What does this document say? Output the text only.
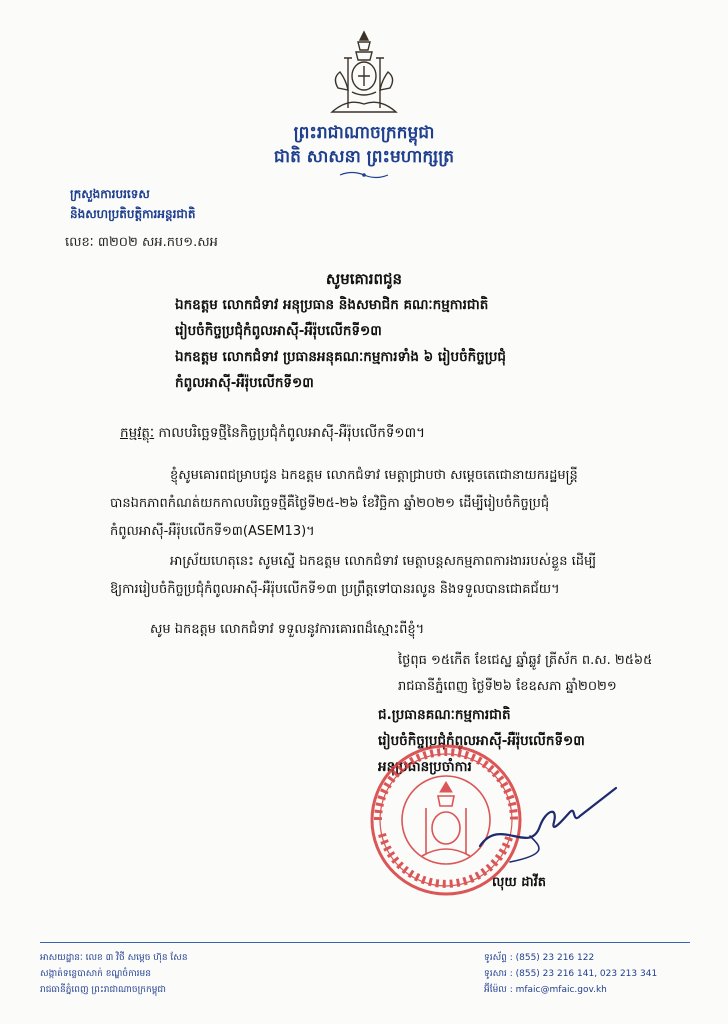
ព្រះរាជាណាចក្រកម្ពុជា
ជាតិ សាសនា ព្រះមហាក្សត្រ
ក្រសួងការបរទេស
និងសហប្រតិបត្តិការអន្តរជាតិ
លេខៈ ៣២០២ សអ.កប១.សអ
សូមគោរពជូន
ឯកឧត្តម លោកជំទាវ អនុប្រធាន និងសមាជិក គណៈកម្មការជាតិ
រៀបចំកិច្ចប្រជុំកំពូលអាស៊ី-អឺរ៉ុបលើកទី១៣
ឯកឧត្តម លោកជំទាវ ប្រធានអនុគណៈកម្មការទាំង ៦ រៀបចំកិច្ចប្រជុំ
កំពូលអាស៊ី-អឺរ៉ុបលើកទី១៣
កម្មវត្ថុៈ កាលបរិច្ឆេទថ្មីនៃកិច្ចប្រជុំកំពូលអាស៊ី-អឺរ៉ុបលើកទី១៣។
ខ្ញុំសូមគោរពជម្រាបជូន ឯកឧត្តម លោកជំទាវ មេត្តាជ្រាបថា សម្ដេចតេជោនាយករដ្ឋមន្ត្រី
បានឯកភាពកំណត់យកកាលបរិច្ឆេទថ្មីគឺថ្ងៃទី២៥-២៦ ខែវិច្ឆិកា ឆ្នាំ២០២១ ដើម្បីរៀបចំកិច្ចប្រជុំ
កំពូលអាស៊ី-អឺរ៉ុបលើកទី១៣(ASEM13)។
អាស្រ័យហេតុនេះ សូមស្នើ ឯកឧត្តម លោកជំទាវ មេត្តាបន្តសកម្មភាពការងាររបស់ខ្លួន ដើម្បី
ឱ្យការរៀបចំកិច្ចប្រជុំកំពូលអាស៊ី-អឺរ៉ុបលើកទី១៣ ប្រព្រឹត្តទៅបានរលូន និងទទួលបានជោគជ័យ។
សូម ឯកឧត្តម លោកជំទាវ ទទួលនូវការគោរពដ៏ស្មោះពីខ្ញុំ។
ថ្ងៃពុធ ១៥កើត ខែជេស្ឋ ឆ្នាំឆ្លូវ ត្រីស័ក ព.ស. ២៥៦៥
រាជធានីភ្នំពេញ ថ្ងៃទី២៦ ខែឧសភា ឆ្នាំ២០២១
ជ.ប្រធានគណៈកម្មការជាតិ
រៀបចំកិច្ចប្រជុំកំពូលអាស៊ី-អឺរ៉ុបលើកទី១៣
អនុប្រធានប្រចាំការ
លុយ ដាវីត
អាសយដ្ឋានៈ លេខ ៣ វិថី សម្ដេច ហ៊ុន សែន
សង្កាត់ទន្លេបាសាក់ ខណ្ឌចំការមន
រាជធានីភ្នំពេញ ព្រះរាជាណាចក្រកម្ពុជា
ទូរស័ព្ទ : (855) 23 216 122
ទូរសារ : (855) 23 216 141, 023 213 341
អ៊ីម៉ែល : mfaic@mfaic.gov.kh
